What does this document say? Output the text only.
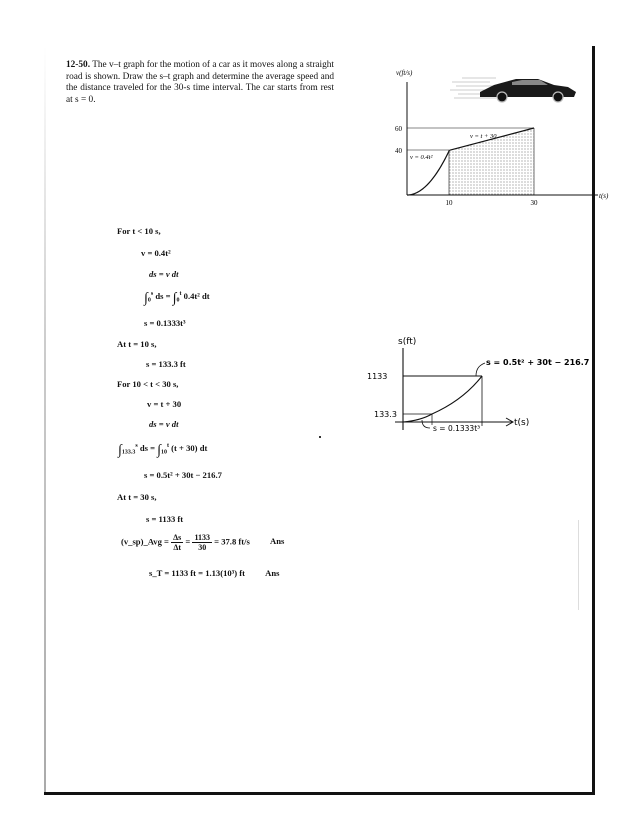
12-50. The v–t graph for the motion of a car as it moves along a straight road is shown. Draw the s–t graph and determine the average speed and the distance traveled for the 30-s time interval. The car starts from rest at s = 0.
v(ft/s)
t(s)
60
40
10	30
v = 0.4t²
v = t + 30
For t < 10 s,
v = 0.4t²
ds = v dt
$\int_0^s$ ds = $\int_0^t$ 0.4t² dt
s = 0.1333t³
At t = 10 s,
s = 133.3 ft
For 10 < t < 30 s,
v = t + 30
ds = v dt
$\int_{133.3}^s$ ds = $\int_{10}^t$ (t + 30) dt
s = 0.5t² + 30t − 216.7
At t = 30 s,
s = 1133 ft
(v_sp)_Avg = $\frac{\Delta s}{\Delta t} = \frac{1133}{30} = 37.8$ ft/s Ans
s_T = 1133 ft = 1.13(10³) ft Ans
s(ft)
t(s)
1133
133.3
s = 0.5t² + 30t − 216.7
s = 0.1333t³
